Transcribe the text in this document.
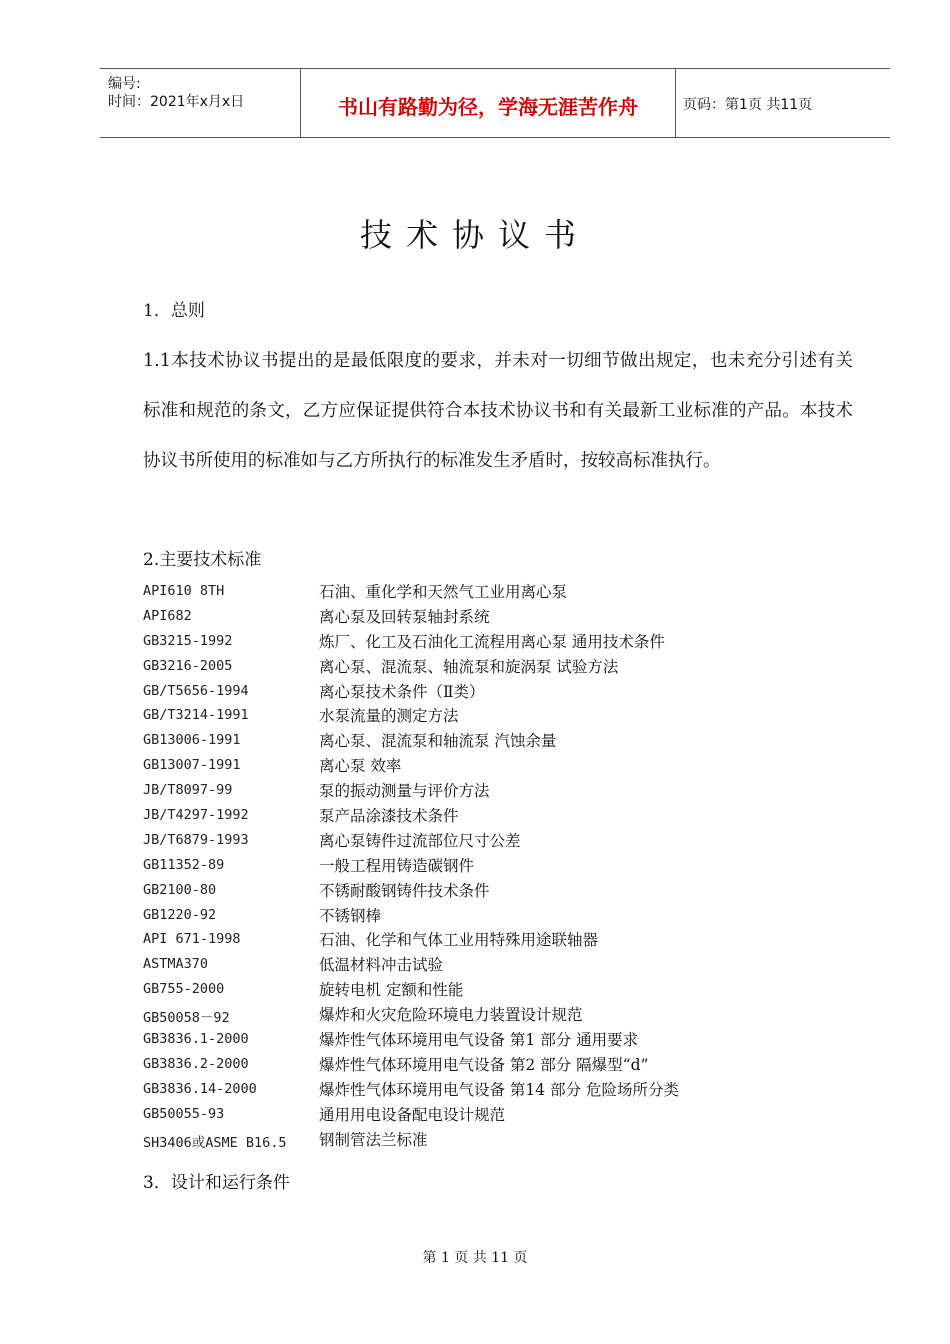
编号:
时间：2021年x月x日	书山有路勤为径，学海无涯苦作舟	页码：第1页 共11页
技术协议书
1．总则
1.1本技术协议书提出的是最低限度的要求，并未对一切细节做出规定，也未充分引述有关标准和规范的条文，乙方应保证提供符合本技术协议书和有关最新工业标准的产品。本技术协议书所使用的标准如与乙方所执行的标准发生矛盾时，按较高标准执行。
2.主要技术标准
API610 8TH	石油、重化学和天然气工业用离心泵
API682	离心泵及回转泵轴封系统
GB3215-1992	炼厂、化工及石油化工流程用离心泵 通用技术条件
GB3216-2005	离心泵、混流泵、轴流泵和旋涡泵 试验方法
GB/T5656-1994	离心泵技术条件（Ⅱ类）
GB/T3214-1991	水泵流量的测定方法
GB13006-1991	离心泵、混流泵和轴流泵 汽蚀余量
GB13007-1991	离心泵 效率
JB/T8097-99	泵的振动测量与评价方法
JB/T4297-1992	泵产品涂漆技术条件
JB/T6879-1993	离心泵铸件过流部位尺寸公差
GB11352-89	一般工程用铸造碳钢件
GB2100-80	不锈耐酸钢铸件技术条件
GB1220-92	不锈钢棒
API 671-1998	石油、化学和气体工业用特殊用途联轴器
ASTMA370	低温材料冲击试验
GB755-2000	旋转电机 定额和性能
GB50058－92	爆炸和火灾危险环境电力装置设计规范
GB3836.1-2000	爆炸性气体环境用电气设备 第1 部分 通用要求
GB3836.2-2000	爆炸性气体环境用电气设备 第2 部分 隔爆型“d”
GB3836.14-2000	爆炸性气体环境用电气设备 第14 部分 危险场所分类
GB50055-93	通用用电设备配电设计规范
SH3406或ASME B16.5 钢制管法兰标准
3．设计和运行条件
第 1 页 共 11 页
